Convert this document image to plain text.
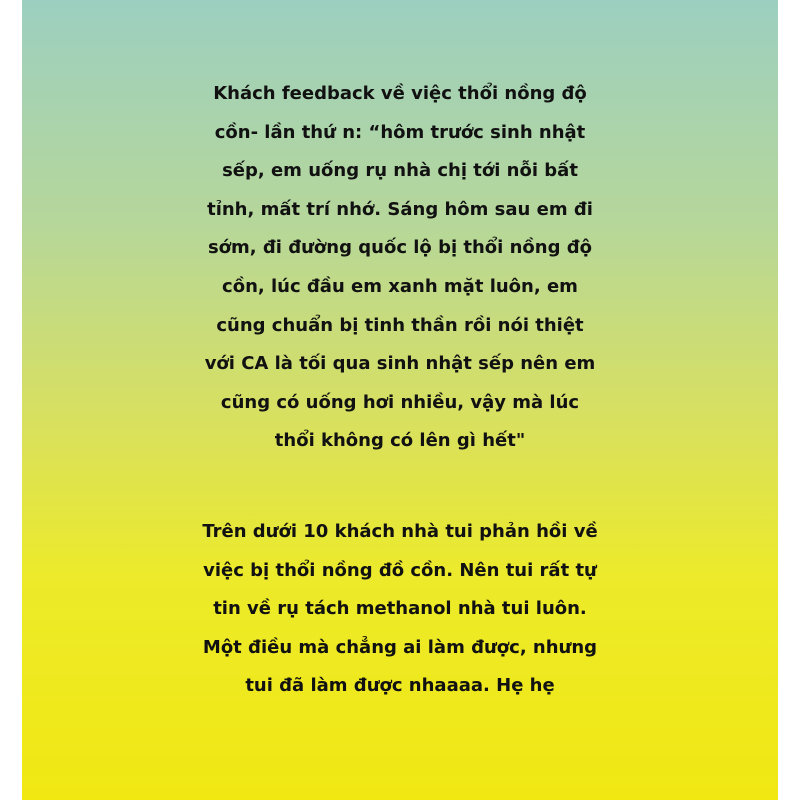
Khách feedback về việc thổi nồng độ
cồn- lần thứ n: “hôm trước sinh nhật
sếp, em uống rụ nhà chị tới nỗi bất
tỉnh, mất trí nhớ. Sáng hôm sau em đi
sớm, đi đường quốc lộ bị thổi nồng độ
cồn, lúc đầu em xanh mặt luôn, em
cũng chuẩn bị tinh thần rồi nói thiệt
với CA là tối qua sinh nhật sếp nên em
cũng có uống hơi nhiều, vậy mà lúc
thổi không có lên gì hết"
Trên dưới 10 khách nhà tui phản hồi về
việc bị thổi nồng đồ cồn. Nên tui rất tự
tin về rụ tách methanol nhà tui luôn.
Một điều mà chẳng ai làm được, nhưng
tui đã làm được nhaaaa. Hẹ hẹ
